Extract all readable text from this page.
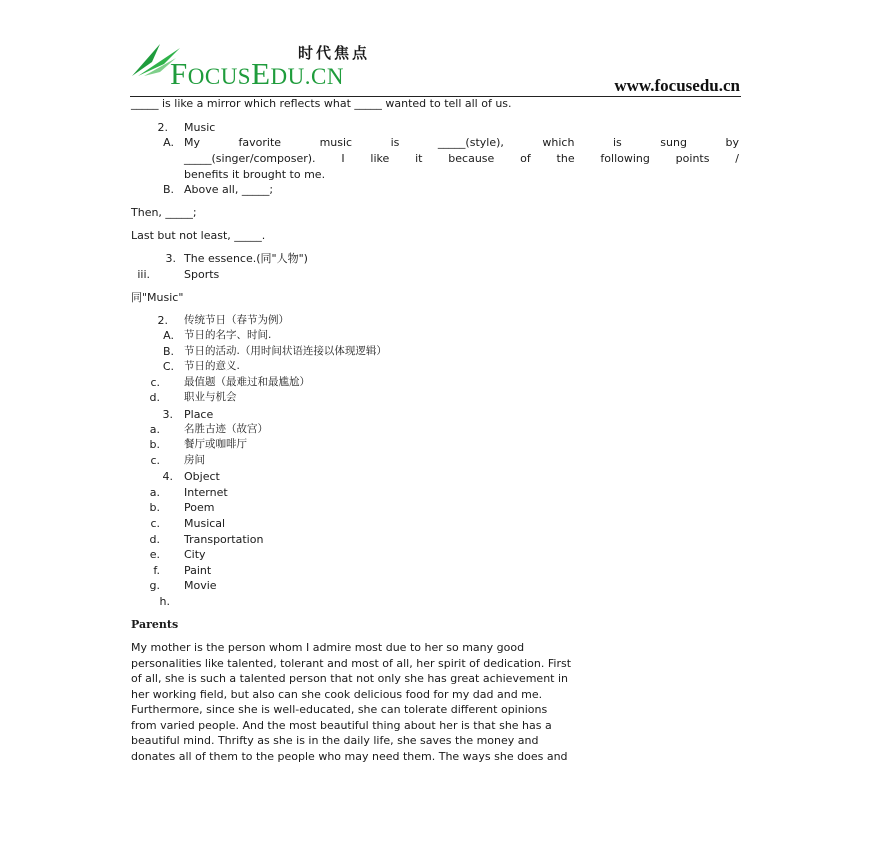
时代焦点
FOCUSEDU.CN	www.focusedu.cn
_____ is like a mirror which reflects what _____ wanted to tell all of us.
2. Music
A. My	favorite	music	is	_____(style),	which	is	sung	by
_____(singer/composer). I like it because of the following points /
benefits it brought to me.
B. Above all, _____;
Then, _____;
Last but not least, _____.
3. The essence.(同"人物")
iii.	Sports
同"Music"
2. 传统节日（春节为例）
A. 节日的名字、时间.
B. 节日的活动.（用时间状语连接以体现逻辑）
C. 节日的意义.
c. 最值题（最难过和最尴尬）
d. 职业与机会
3. Place
a. 名胜古迹（故宫）
b. 餐厅或咖啡厅
c. 房间
4. Object
a. Internet
b. Poem
c. Musical
d. Transportation
e. City
f. Paint
g. Movie
h.
Parents
My mother is the person whom I admire most due to her so many good
personalities like talented, tolerant and most of all, her spirit of dedication. First
of all, she is such a talented person that not only she has great achievement in
her working field, but also can she cook delicious food for my dad and me.
Furthermore, since she is well-educated, she can tolerate different opinions
from varied people. And the most beautiful thing about her is that she has a
beautiful mind. Thrifty as she is in the daily life, she saves the money and
donates all of them to the people who may need them. The ways she does and
